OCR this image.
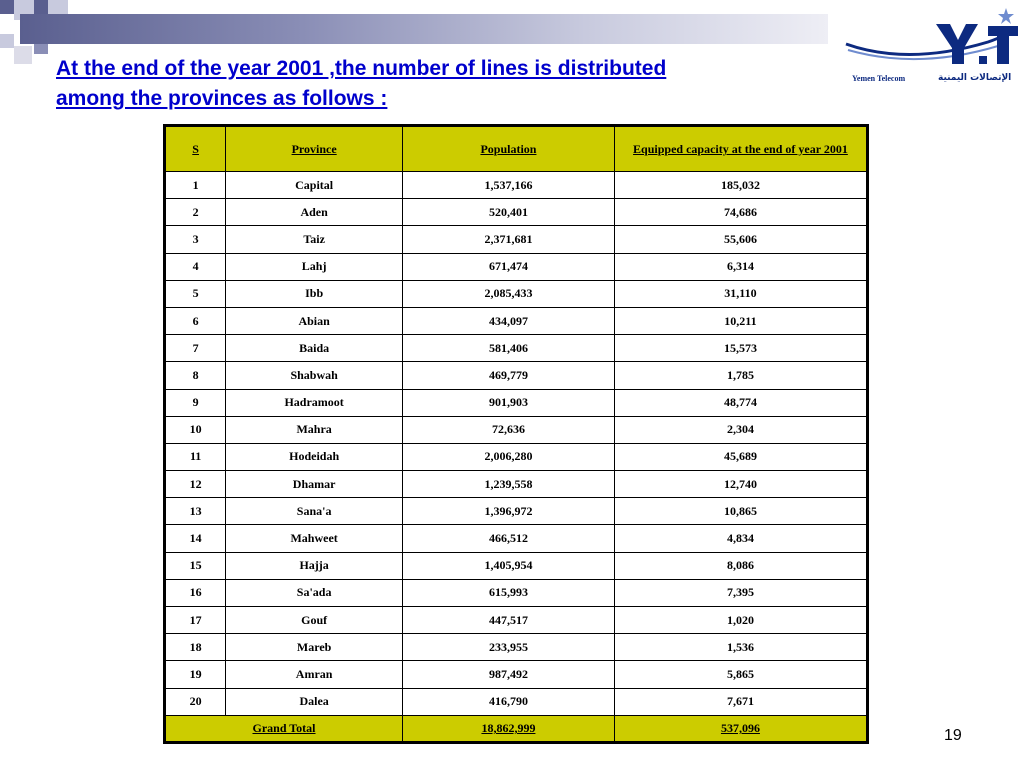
At the end of the year 2001 ,the number of lines is distributed
among the provinces as follows :
Yemen Telecom	الإتصالات اليمنية
S	Province	Population	Equipped capacity at the end of year 2001
1	Capital	1,537,166	185,032
2	Aden	520,401	74,686
3	Taiz	2,371,681	55,606
4	Lahj	671,474	6,314
5	Ibb	2,085,433	31,110
6	Abian	434,097	10,211
7	Baida	581,406	15,573
8	Shabwah	469,779	1,785
9	Hadramoot	901,903	48,774
10	Mahra	72,636	2,304
11	Hodeidah	2,006,280	45,689
12	Dhamar	1,239,558	12,740
13	Sana'a	1,396,972	10,865
14	Mahweet	466,512	4,834
15	Hajja	1,405,954	8,086
16	Sa'ada	615,993	7,395
17	Gouf	447,517	1,020
18	Mareb	233,955	1,536
19	Amran	987,492	5,865
20	Dalea	416,790	7,671
Grand Total		18,862,999	537,096	19
